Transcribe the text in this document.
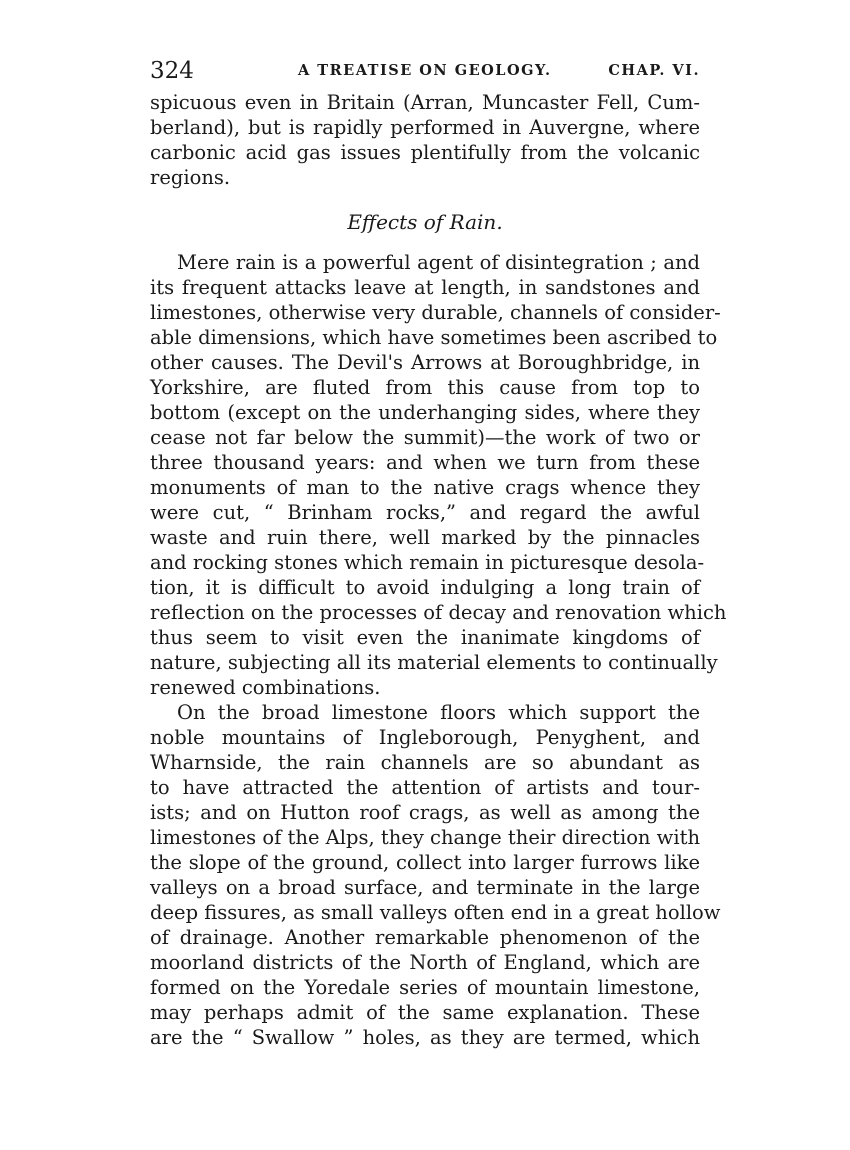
324	A TREATISE ON GEOLOGY.	CHAP. VI.

spicuous even in Britain (Arran, Muncaster Fell, Cum-
berland), but is rapidly performed in Auvergne, where
carbonic acid gas issues plentifully from the volcanic
regions.

Effects of Rain.

Mere rain is a powerful agent of disintegration ; and
its frequent attacks leave at length, in sandstones and
limestones, otherwise very durable, channels of consider-
able dimensions, which have sometimes been ascribed to
other causes. The Devil's Arrows at Boroughbridge, in
Yorkshire, are fluted from this cause from top to
bottom (except on the underhanging sides, where they
cease not far below the summit)—the work of two or
three thousand years: and when we turn from these
monuments of man to the native crags whence they
were cut, “ Brinham rocks,” and regard the awful
waste and ruin there, well marked by the pinnacles
and rocking stones which remain in picturesque desola-
tion, it is difficult to avoid indulging a long train of
reflection on the processes of decay and renovation which
thus seem to visit even the inanimate kingdoms of
nature, subjecting all its material elements to continually
renewed combinations.

On the broad limestone floors which support the
noble mountains of Ingleborough, Penyghent, and
Wharnside, the rain channels are so abundant as
to have attracted the attention of artists and tour-
ists; and on Hutton roof crags, as well as among the
limestones of the Alps, they change their direction with
the slope of the ground, collect into larger furrows like
valleys on a broad surface, and terminate in the large
deep fissures, as small valleys often end in a great hollow
of drainage. Another remarkable phenomenon of the
moorland districts of the North of England, which are
formed on the Yoredale series of mountain limestone,
may perhaps admit of the same explanation. These
are the “ Swallow ” holes, as they are termed, which
